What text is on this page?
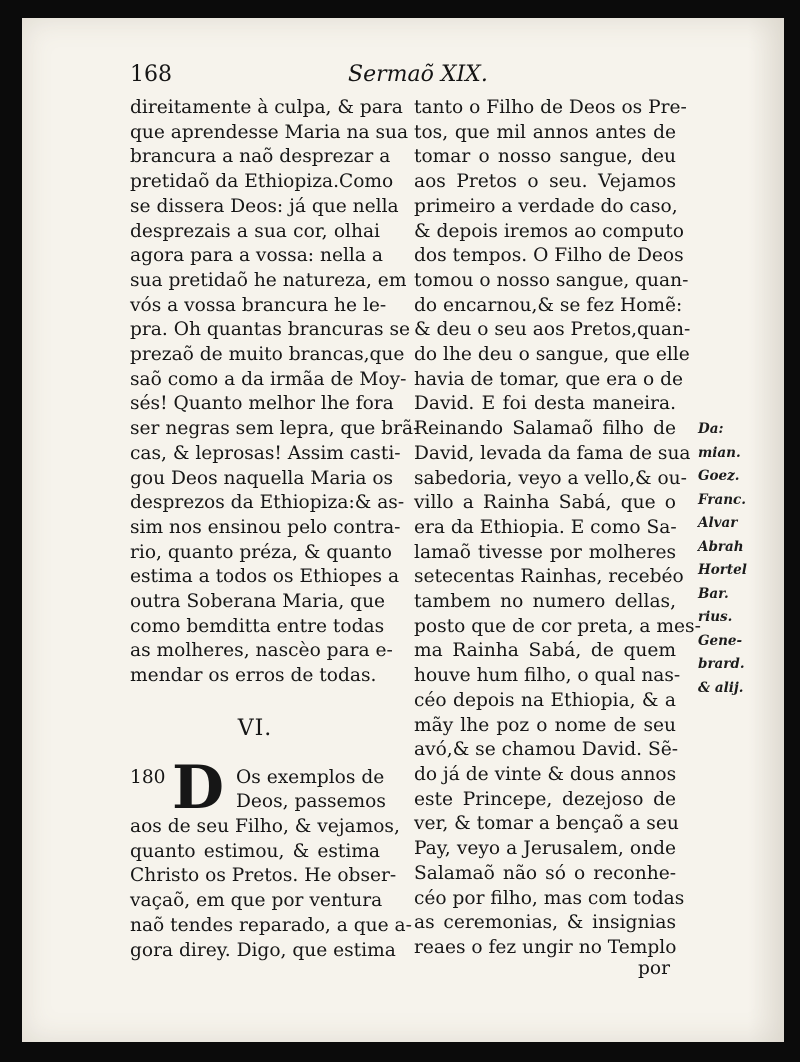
168	Sermaõ XIX.
direitamente à culpa, & para
que aprendesse Maria na sua
brancura a naõ desprezar a
pretidaõ da Ethiopiza.Como
se dissera Deos: já que nella
desprezais a sua cor, olhai
agora para a vossa: nella a
sua pretidaõ he natureza, em
vós a vossa brancura he le-
pra. Oh quantas brancuras se
prezaõ de muito brancas,que
saõ como a da irmãa de Moy-
sés! Quanto melhor lhe fora
ser negras sem lepra, que brã-
cas, & leprosas! Assim casti-
gou Deos naquella Maria os
desprezos da Ethiopiza:& as-
sim nos ensinou pelo contra-
rio, quanto préza, & quanto
estima a todos os Ethiopes a
outra Soberana Maria, que
como bemditta entre todas
as molheres, nascèo para e-
mendar os erros de todas.
VI.
180 D Os exemplos de
Deos, passemos
aos de seu Filho, & vejamos,
quanto estimou, & estima
Christo os Pretos. He obser-
vaçaõ, em que por ventura
naõ tendes reparado, a que a-
gora direy. Digo, que estima
tanto o Filho de Deos os Pre-
tos, que mil annos antes de
tomar o nosso sangue, deu
aos Pretos o seu. Vejamos
primeiro a verdade do caso,
& depois iremos ao computo
dos tempos. O Filho de Deos
tomou o nosso sangue, quan-
do encarnou,& se fez Homẽ:
& deu o seu aos Pretos,quan-
do lhe deu o sangue, que elle
havia de tomar, que era o de
David. E foi desta maneira.
Reinando Salamaõ filho de
David, levada da fama de sua
sabedoria, veyo a vello,& ou-
villo a Rainha Sabá, que o
era da Ethiopia. E como Sa-
lamaõ tivesse por molheres
setecentas Rainhas, recebéo
tambem no numero dellas,
posto que de cor preta, a mes-
ma Rainha Sabá, de quem
houve hum filho, o qual nas-
céo depois na Ethiopia, & a
mãy lhe poz o nome de seu
avó,& se chamou David. Sẽ-
do já de vinte & dous annos
este Princepe, dezejoso de
ver, & tomar a bençaõ a seu
Pay, veyo a Jerusalem, onde
Salamaõ não só o reconhe-
céo por filho, mas com todas
as ceremonias, & insignias
reaes o fez ungir no Templo
Da:
mian.
Goez.
Franc.
Alvar
Abrah
Hortel
Bar.
rius.
Gene-
brard.
& alij.
por
